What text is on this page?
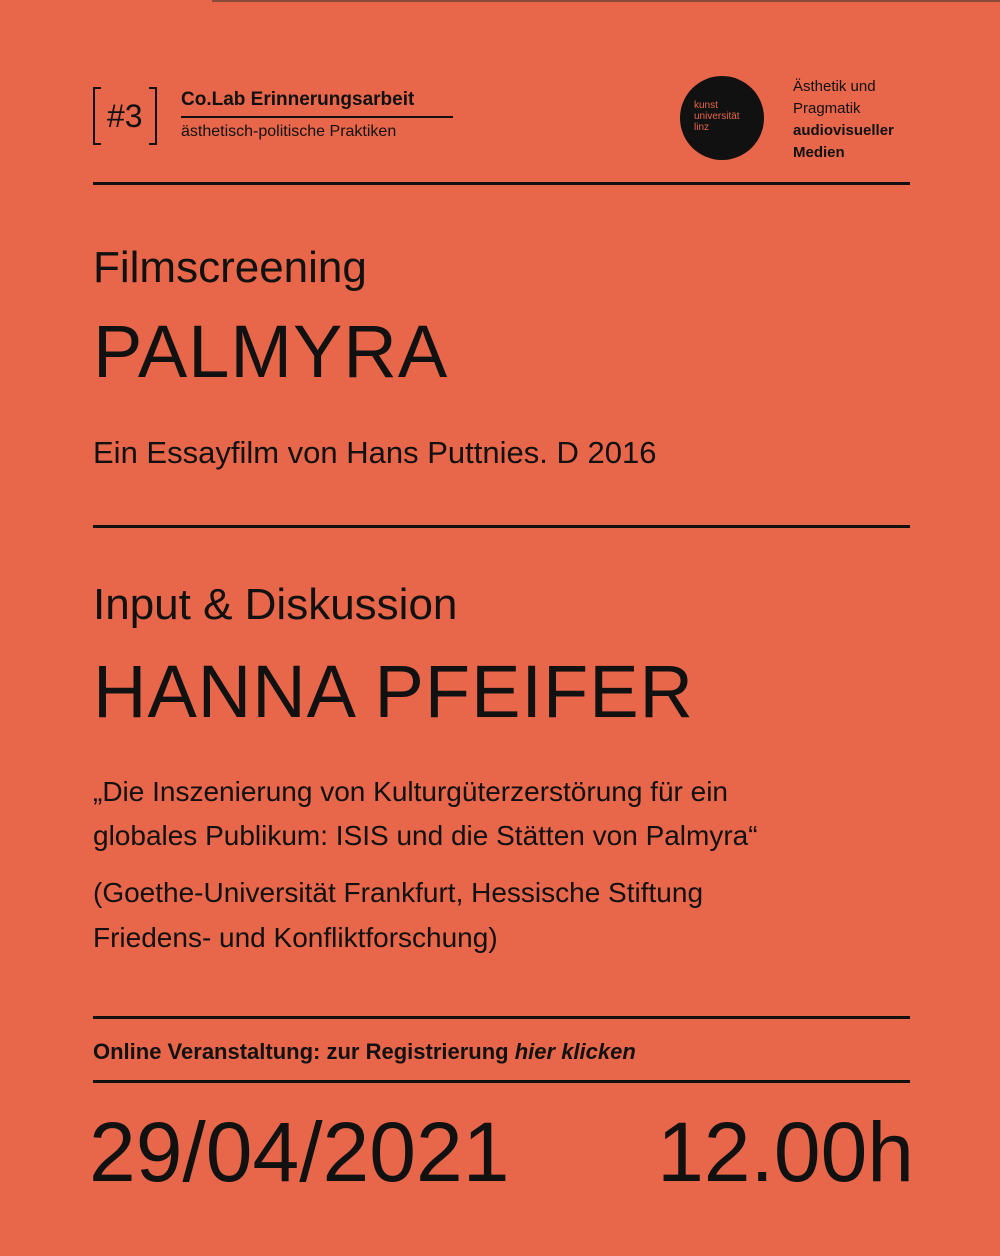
#3	Co.Lab Erinnerungsarbeit
ästhetisch-politische Praktiken
kunst
universität
linz
Ästhetik und
Pragmatik
audiovisueller
Medien
Filmscreening
PALMYRA
Ein Essayfilm von Hans Puttnies. D 2016
Input & Diskussion
HANNA PFEIFER
„Die Inszenierung von Kulturgüterzerstörung für ein
globales Publikum: ISIS und die Stätten von Palmyra“
(Goethe-Universität Frankfurt, Hessische Stiftung
Friedens- und Konfliktforschung)
Online Veranstaltung: zur Registrierung hier klicken
29/04/2021 12.00h
